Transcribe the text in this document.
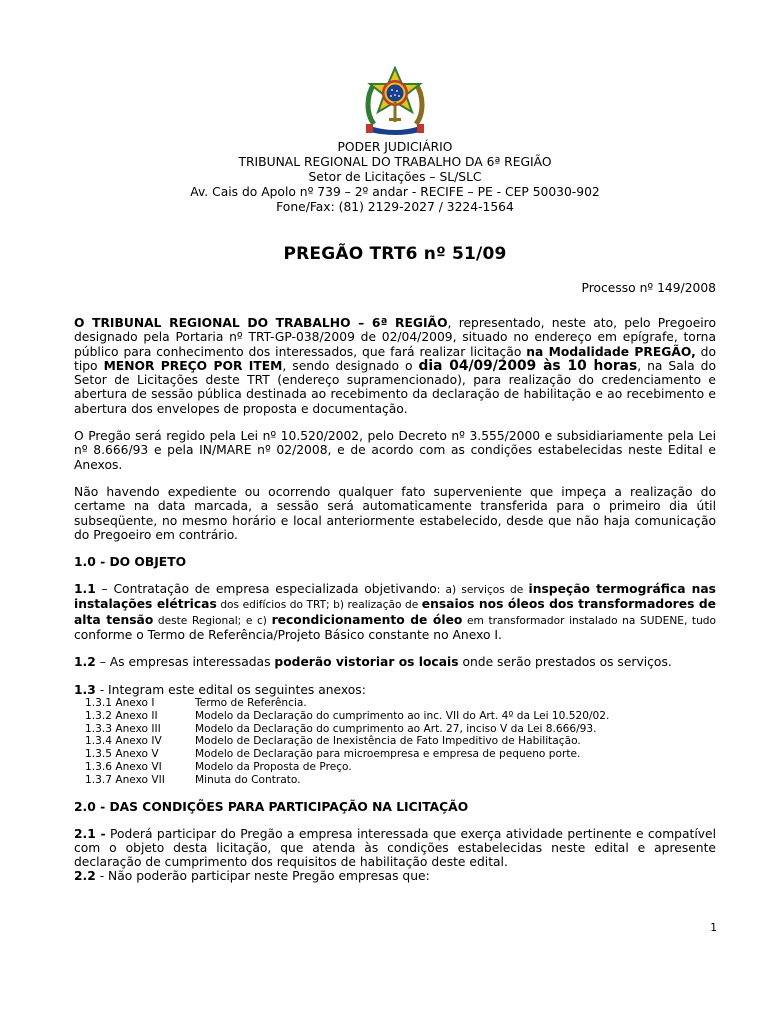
PODER JUDICIÁRIO
TRIBUNAL REGIONAL DO TRABALHO DA 6ª REGIÃO
Setor de Licitações – SL/SLC
Av. Cais do Apolo nº 739 – 2º andar - RECIFE – PE - CEP 50030-902
Fone/Fax: (81) 2129-2027 / 3224-1564
PREGÃO TRT6 nº 51/09
Processo nº 149/2008

O TRIBUNAL REGIONAL DO TRABALHO – 6ª REGIÃO, representado, neste ato, pelo Pregoeiro designado pela Portaria nº TRT-GP-038/2009 de 02/04/2009, situado no endereço em epígrafe, torna público para conhecimento dos interessados, que fará realizar licitação na Modalidade PREGÃO, do tipo MENOR PREÇO POR ITEM, sendo designado o dia 04/09/2009 às 10 horas, na Sala do Setor de Licitações deste TRT (endereço supramencionado), para realização do credenciamento e abertura de sessão pública destinada ao recebimento da declaração de habilitação e ao recebimento e abertura dos envelopes de proposta e documentação.

O Pregão será regido pela Lei nº 10.520/2002, pelo Decreto nº 3.555/2000 e subsidiariamente pela Lei nº 8.666/93 e pela IN/MARE nº 02/2008, e de acordo com as condições estabelecidas neste Edital e Anexos.

Não havendo expediente ou ocorrendo qualquer fato superveniente que impeça a realização do certame na data marcada, a sessão será automaticamente transferida para o primeiro dia útil subseqüente, no mesmo horário e local anteriormente estabelecido, desde que não haja comunicação do Pregoeiro em contrário.

1.0 - DO OBJETO

1.1 – Contratação de empresa especializada objetivando: a) serviços de inspeção termográfica nas instalações elétricas dos edifícios do TRT; b) realização de ensaios nos óleos dos transformadores de alta tensão deste Regional; e c) recondicionamento de óleo em transformador instalado na SUDENE, tudo conforme o Termo de Referência/Projeto Básico constante no Anexo I.

1.2 – As empresas interessadas poderão vistoriar os locais onde serão prestados os serviços.

1.3 - Integram este edital os seguintes anexos:

1.3.1 Anexo I	Termo de Referência.
1.3.2 Anexo II	Modelo da Declaração do cumprimento ao inc. VII do Art. 4º da Lei 10.520/02.
1.3.3 Anexo III	Modelo da Declaração do cumprimento ao Art. 27, inciso V da Lei 8.666/93.
1.3.4 Anexo IV	Modelo de Declaração de Inexistência de Fato Impeditivo de Habilitação.
1.3.5 Anexo V	Modelo de Declaração para microempresa e empresa de pequeno porte.
1.3.6 Anexo VI	Modelo da Proposta de Preço.
1.3.7 Anexo VII	Minuta do Contrato.
2.0 - DAS CONDIÇÕES PARA PARTICIPAÇÃO NA LICITAÇÃO

2.1 - Poderá participar do Pregão a empresa interessada que exerça atividade pertinente e compatível com o objeto desta licitação, que atenda às condições estabelecidas neste edital e apresente declaração de cumprimento dos requisitos de habilitação deste edital.

2.2 - Não poderão participar neste Pregão empresas que:

1
